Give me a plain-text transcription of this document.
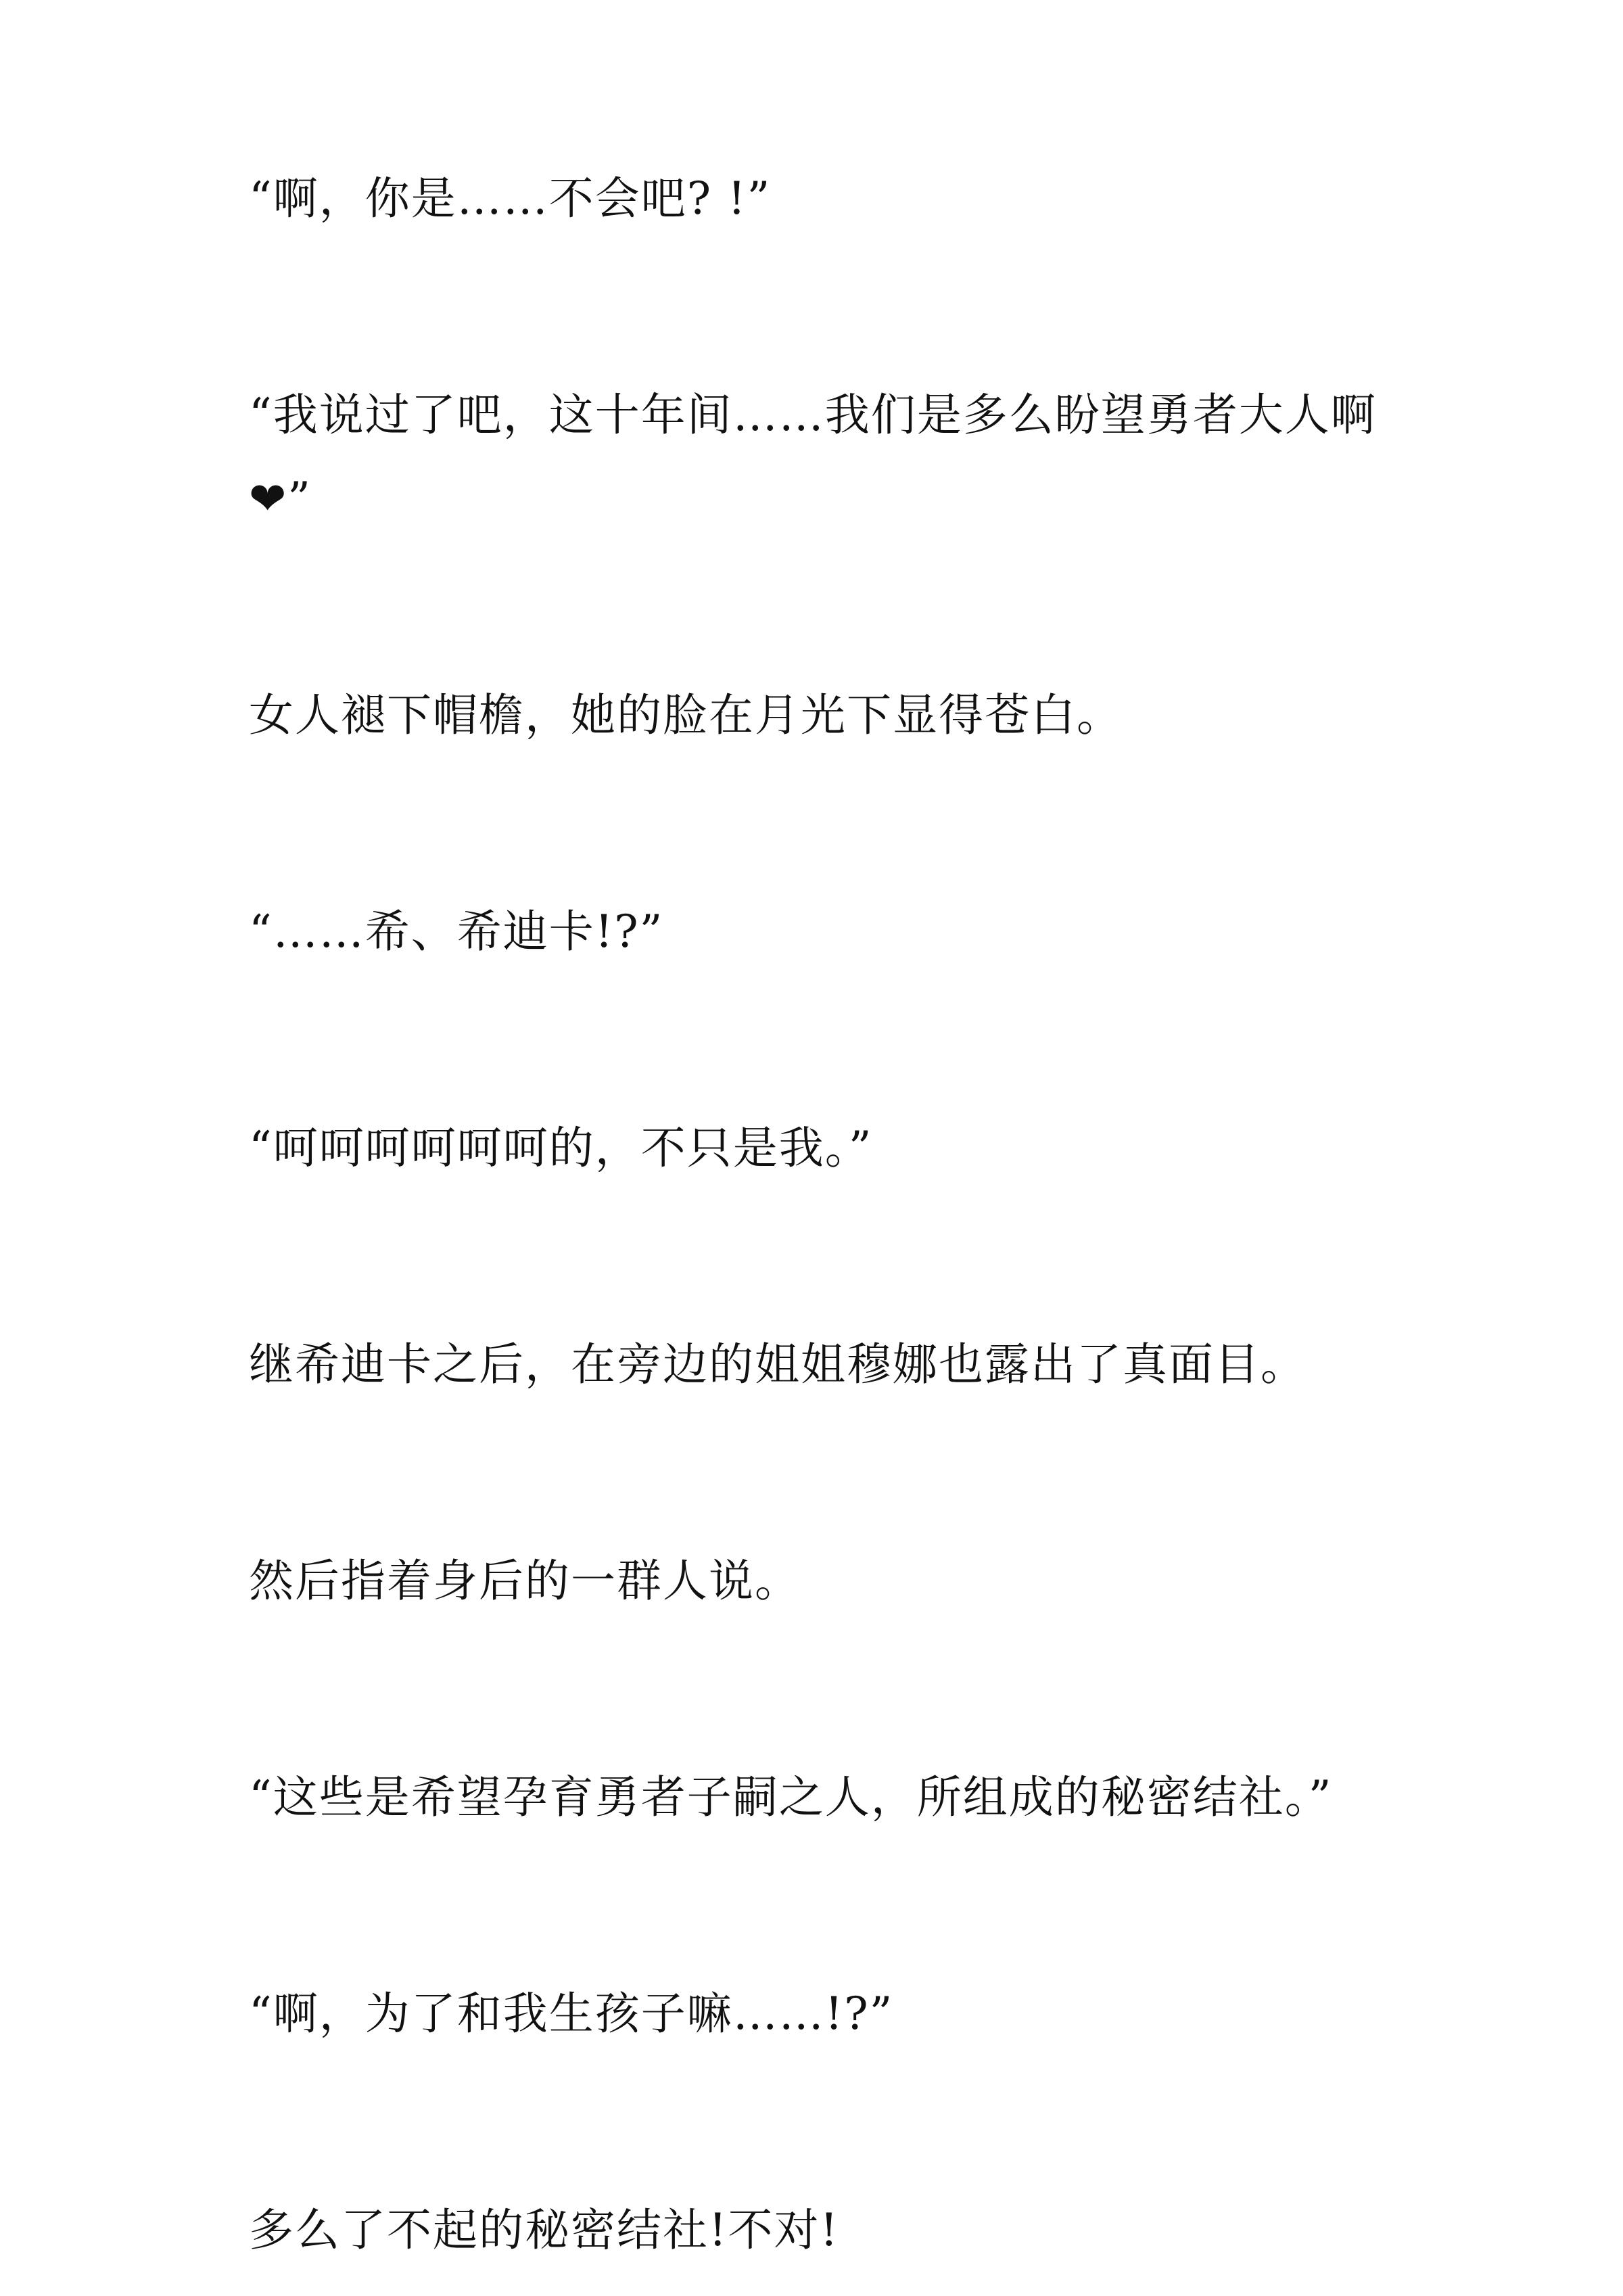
“啊，你是……不会吧? !”

“我说过了吧，这十年间……我们是多么盼望勇者大人啊❤”

女人褪下帽檐，她的脸在月光下显得苍白。

“……希、希迪卡!?”

“呵呵呵呵呵呵的，不只是我。”

继希迪卡之后，在旁边的姐姐穆娜也露出了真面目。

然后指着身后的一群人说。

“这些是希望孕育勇者子嗣之人，所组成的秘密结社。”

“啊，为了和我生孩子嘛……!?”

多么了不起的秘密结社!不对!
